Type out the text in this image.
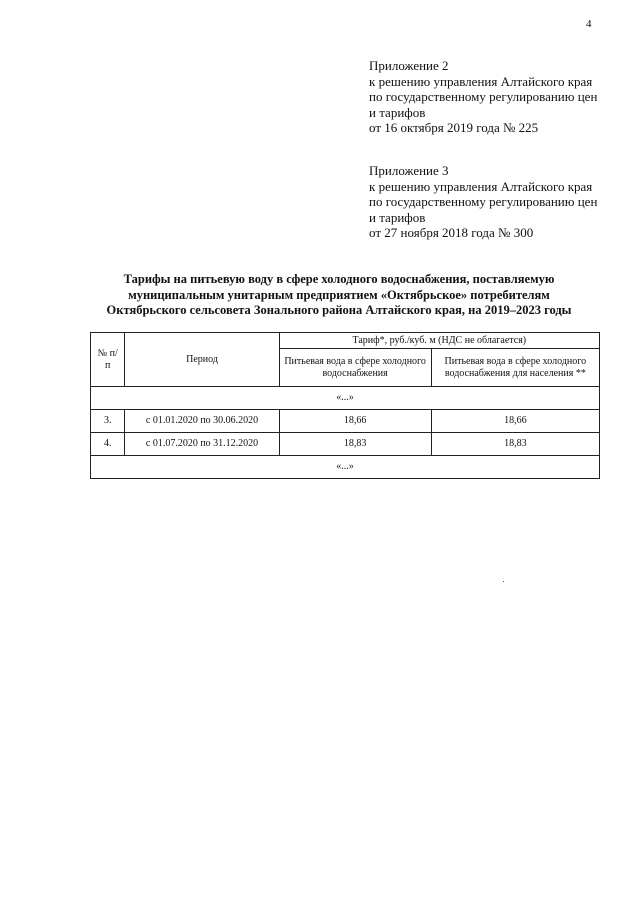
4
Приложение 2
к решению управления Алтайского края
по государственному регулированию цен
и тарифов
от 16 октября 2019 года № 225
Приложение 3
к решению управления Алтайского края
по государственному регулированию цен
и тарифов
от 27 ноября 2018 года № 300
Тарифы на питьевую воду в сфере холодного водоснабжения, поставляемую
муниципальным унитарным предприятием «Октябрьское» потребителям
Октябрьского сельсовета Зонального района Алтайского края, на 2019–2023 годы
№ п/п	Период	Тариф*, руб./куб. м (НДС не облагается)	
		Питьевая вода в сфере холодного водоснабжения	Питьевая вода в сфере холодного водоснабжения для населения **
«...»			
3.	с 01.01.2020 по 30.06.2020	18,66	18,66
4.	с 01.07.2020 по 31.12.2020	18,83	18,83
«...»			
